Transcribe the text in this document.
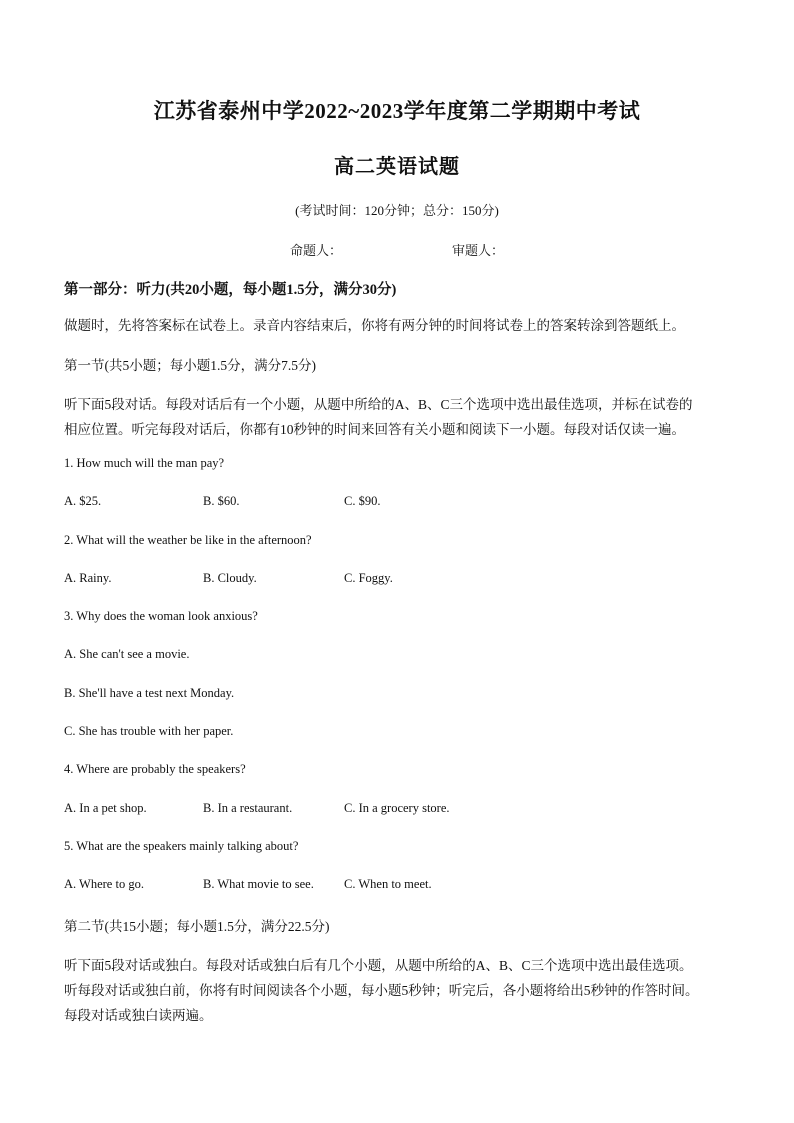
江苏省泰州中学2022~2023学年度第二学期期中考试
高二英语试题
(考试时间：120分钟；总分：150分)
命题人：	审题人：
第一部分：听力(共20小题，每小题1.5分，满分30分)
做题时，先将答案标在试卷上。录音内容结束后，你将有两分钟的时间将试卷上的答案转涂到答题纸上。
第一节(共5小题；每小题1.5分，满分7.5分)
听下面5段对话。每段对话后有一个小题，从题中所给的A、B、C三个选项中选出最佳选项，并标在试卷的
相应位置。听完每段对话后，你都有10秒钟的时间来回答有关小题和阅读下一小题。每段对话仅读一遍。
1. How much will the man pay?
A. $25.	B. $60.	C. $90.
2. What will the weather be like in the afternoon?
A. Rainy.	B. Cloudy.	C. Foggy.
3. Why does the woman look anxious?
A. She can't see a movie.
B. She'll have a test next Monday.
C. She has trouble with her paper.
4. Where are probably the speakers?
A. In a pet shop.	B. In a restaurant.	C. In a grocery store.
5. What are the speakers mainly talking about?
A. Where to go.	B. What movie to see. C. When to meet.
第二节(共15小题；每小题1.5分，满分22.5分)
听下面5段对话或独白。每段对话或独白后有几个小题，从题中所给的A、B、C三个选项中选出最佳选项。
听每段对话或独白前，你将有时间阅读各个小题，每小题5秒钟；听完后，各小题将给出5秒钟的作答时间。
每段对话或独白读两遍。
